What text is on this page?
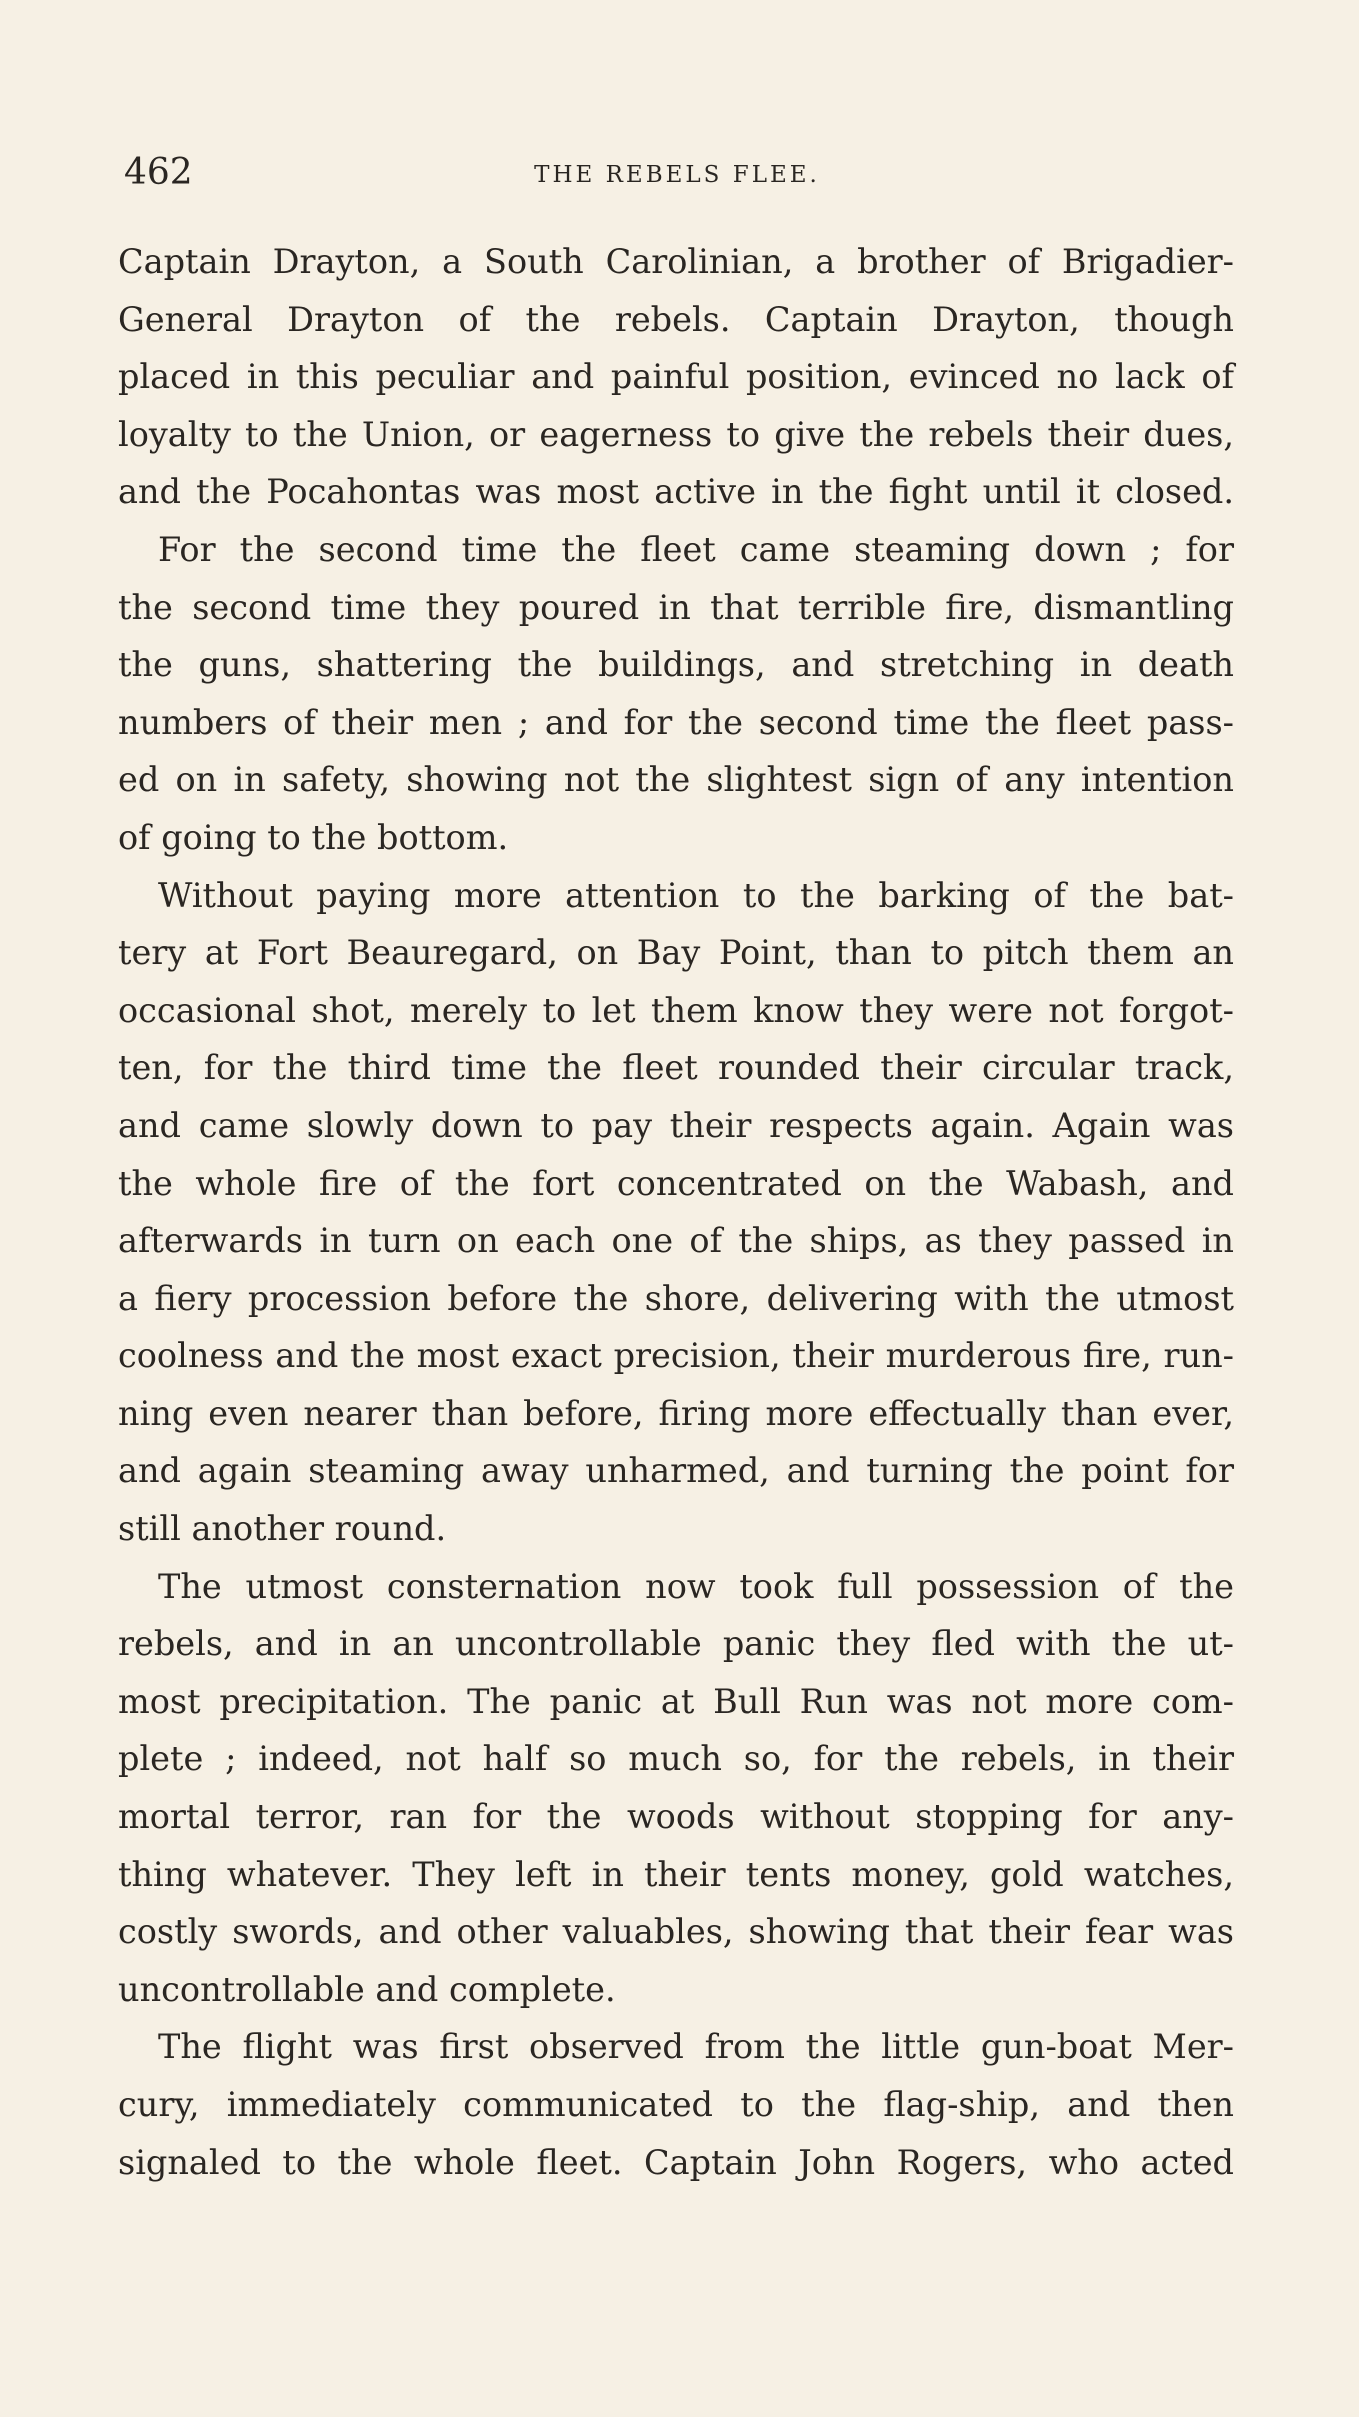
462	THE REBELS FLEE.
Captain Drayton, a South Carolinian, a brother of Brigadier-
General Drayton of the rebels. Captain Drayton, though
placed in this peculiar and painful position, evinced no lack of
loyalty to the Union, or eagerness to give the rebels their dues,
and the Pocahontas was most active in the fight until it closed.
For the second time the fleet came steaming down ; for
the second time they poured in that terrible fire, dismantling
the guns, shattering the buildings, and stretching in death
numbers of their men ; and for the second time the fleet pass-
ed on in safety, showing not the slightest sign of any intention
of going to the bottom.
Without paying more attention to the barking of the bat-
tery at Fort Beauregard, on Bay Point, than to pitch them an
occasional shot, merely to let them know they were not forgot-
ten, for the third time the fleet rounded their circular track,
and came slowly down to pay their respects again. Again was
the whole fire of the fort concentrated on the Wabash, and
afterwards in turn on each one of the ships, as they passed in
a fiery procession before the shore, delivering with the utmost
coolness and the most exact precision, their murderous fire, run-
ning even nearer than before, firing more effectually than ever,
and again steaming away unharmed, and turning the point for
still another round.
The utmost consternation now took full possession of the
rebels, and in an uncontrollable panic they fled with the ut-
most precipitation. The panic at Bull Run was not more com-
plete ; indeed, not half so much so, for the rebels, in their
mortal terror, ran for the woods without stopping for any-
thing whatever. They left in their tents money, gold watches,
costly swords, and other valuables, showing that their fear was
uncontrollable and complete.
The flight was first observed from the little gun-boat Mer-
cury, immediately communicated to the flag-ship, and then
signaled to the whole fleet. Captain John Rogers, who acted
